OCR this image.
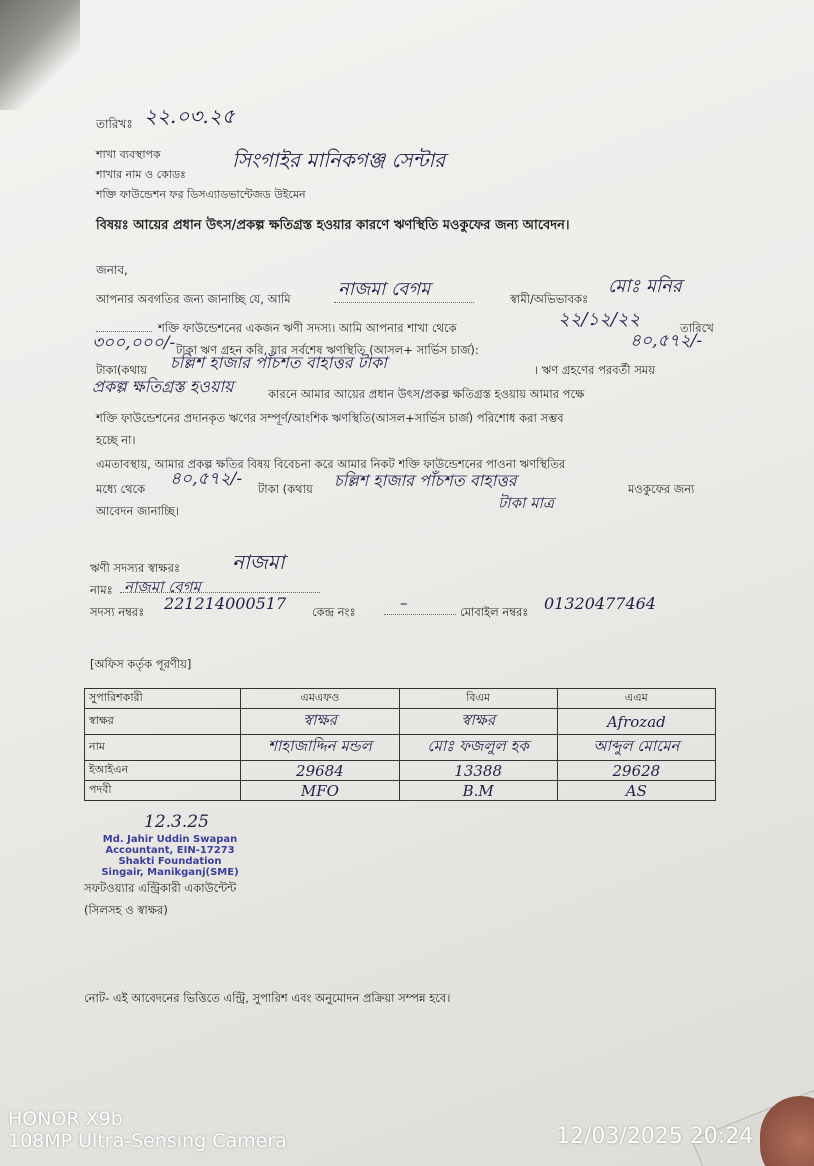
তারিখঃ ২২.০৩.২৫
শাখা ব্যবস্থাপক
শাখার নাম ও কোডঃ
সিংগাইর মানিকগঞ্জ সেন্টার
শক্তি ফাউন্ডেশন ফর ডিসএ্যাডভান্টেজড উইমেন
বিষয়ঃ আয়ের প্রধান উৎস/প্রকল্প ক্ষতিগ্রস্ত হওয়ার কারণে ঋণস্থিতি মওকুফের জন্য আবেদন।
জনাব,
আপনার অবগতির জন্য জানাচ্ছি যে, আমি	নাজমা বেগম	স্বামী/অভিভাবকঃ
মোঃ মনির
শক্তি ফাউন্ডেশনের একজন ঋণী সদস্য। আমি আপনার শাখা থেকে	২২/১২/২২	তারিখে
৩০০,০০০/- টাকা ঋণ গ্রহন করি, যার সর্বশেষ ঋণস্থিতি (আসল+ সার্ভিস চার্জ):	৪০,৫৭২/-
টাকা(কথায় চল্লিশ হাজার পাঁচশত বাহাত্তর টাকা	। ঋণ গ্রহণের পরবর্তী সময়
প্রকল্প ক্ষতিগ্রস্ত হওয়ায়	কারনে আমার আয়ের প্রধান উৎস/প্রকল্প ক্ষতিগ্রস্ত হওয়ায় আমার পক্ষে
শক্তি ফাউন্ডেশনের প্রদানকৃত ঋণের সম্পূর্ণ/আংশিক ঋণস্থিতি(আসল+সার্ভিস চার্জ) পরিশোধ করা সম্ভব
হচ্ছে না।
এমতাবস্থায়, আমার প্রকল্প ক্ষতির বিষয় বিবেচনা করে আমার নিকট শক্তি ফাউন্ডেশনের পাওনা ঋণস্থিতির
মধ্যে থেকে ৪০,৫৭২/- টাকা (কথায় চল্লিশ হাজার পাঁচশত বাহাত্তর	মওকুফের জন্য
টাকা মাত্র
আবেদন জানাচ্ছি।
ঋণী সদস্যর স্বাক্ষরঃ	নাজমা
নামঃ নাজমা বেগম
সদস্য নম্বরঃ 221214000517 কেন্দ্র নংঃ	–	মোবাইল নম্বরঃ 01320477464
[অফিস কর্তৃক পূরণীয়]
সুপারিশকারী	এমএফও	বিএম	এএম
স্বাক্ষর	স্বাক্ষর	স্বাক্ষর	Afrozad
নাম	শাহাজাদ্দিন মন্ডল	মোঃ ফজলুল হক	আব্দুল মোমেন
ইআইএন	29684	13388	29628
পদবী	MFO	B.M	AS
12.3.25
Md. Jahir Uddin Swapan
Accountant, EIN-17273
Shakti Foundation
Singair, Manikganj(SME)
সফটওয়্যার এন্ট্রিকারী একাউন্টেন্ট
(সিলসহ ও স্বাক্ষর)
নোট- এই আবেদনের ভিত্তিতে এন্ট্রি, সুপারিশ এবং অনুমোদন প্রক্রিয়া সম্পন্ন হবে।
HONOR X9b
108MP Ultra-Sensing Camera	12/03/2025 20:24
